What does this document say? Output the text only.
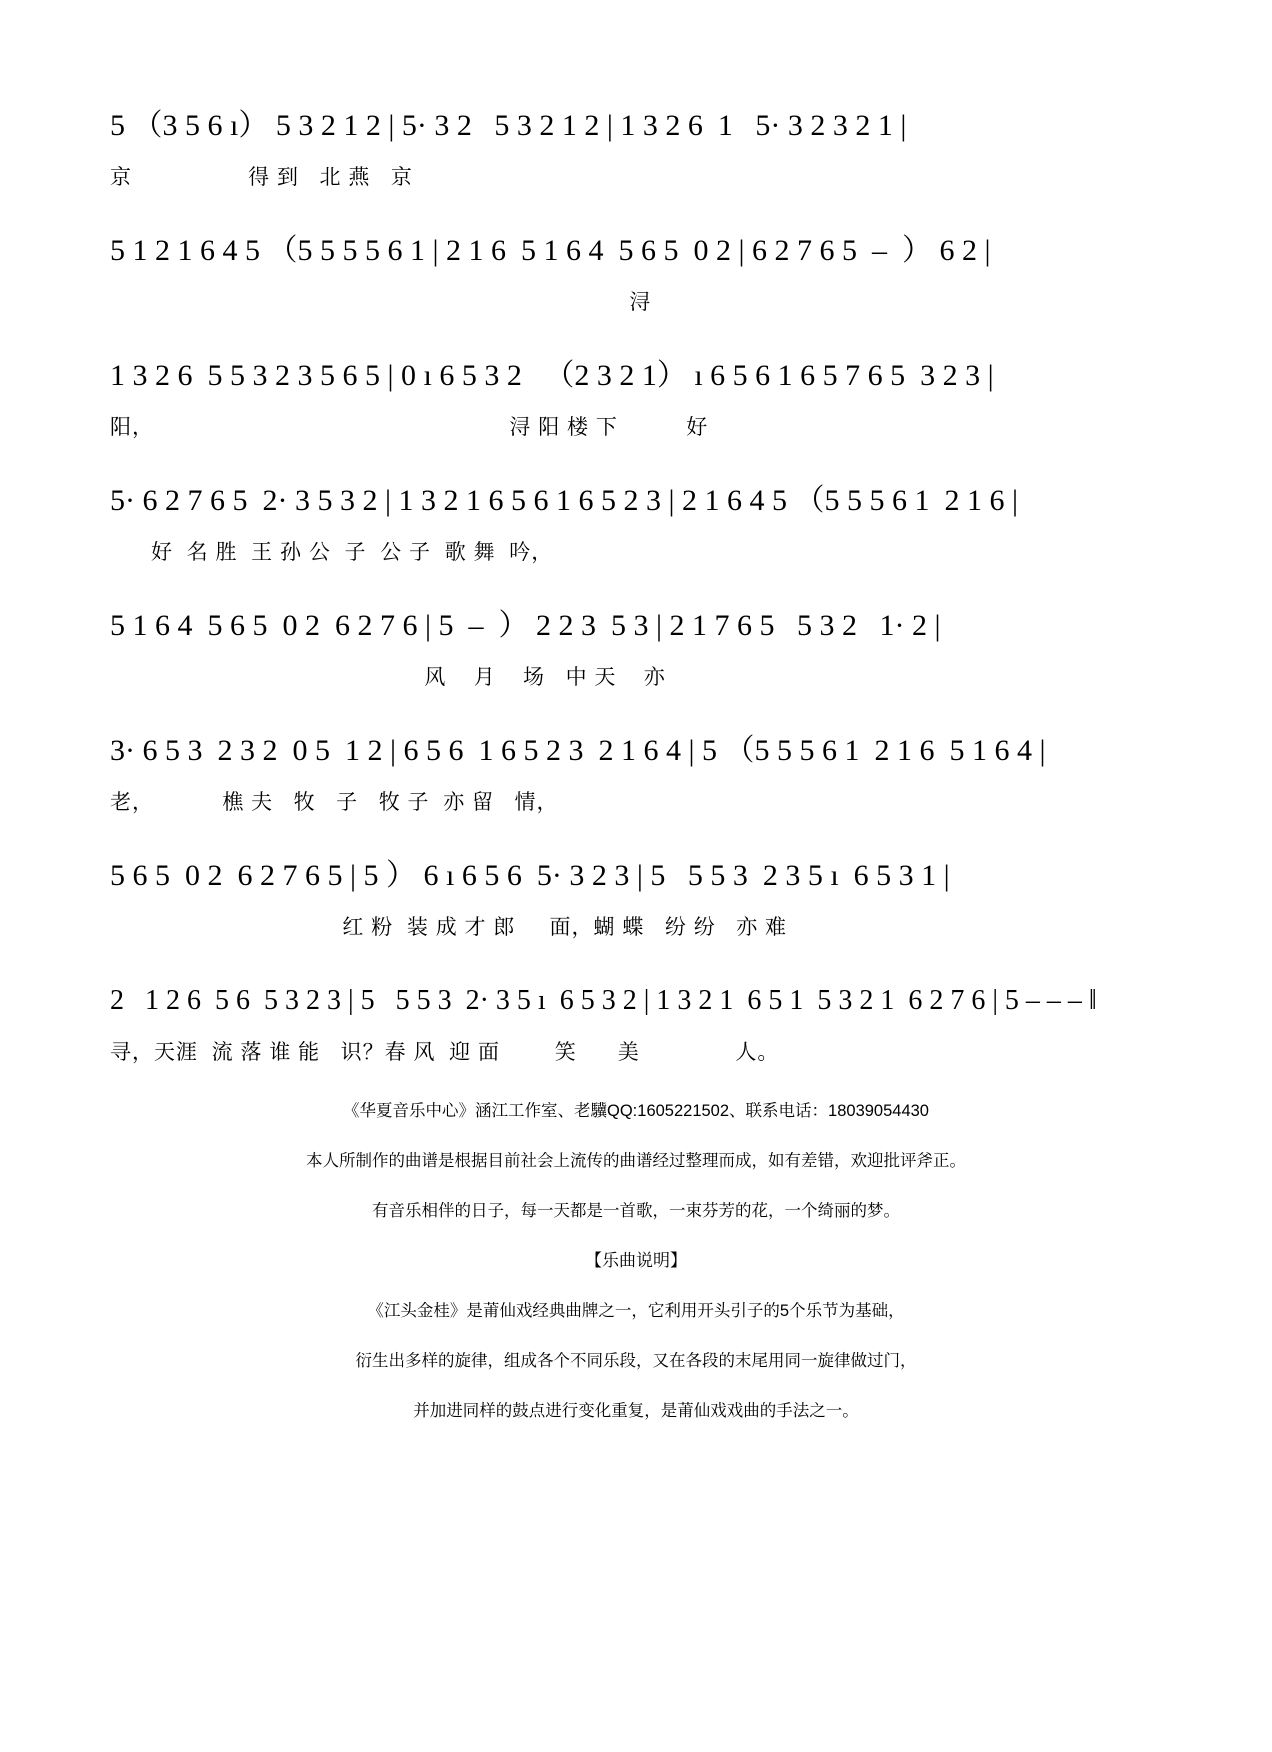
5 （3 5 6 ı） 5 3 2 1 2 | 5· 3 2   5 3 2 1 2 | 1 3 2 6  1   5· 3 2 3 2 1 |
京                 得 到   北 燕   京
5 1 2 1 6 4 5 （5 5 5 5 6 1 | 2 1 6  5 1 6 4  5 6 5  0 2 | 6 2 7 6 5  –  ） 6 2 |
浔
1 3 2 6  5 5 3 2 3 5 6 5 | 0 ı 6 5 3 2   （2 3 2 1） ı 6 5 6 1 6 5 7 6 5  3 2 3 |
阳，                                                    浔 阳 楼 下          好
5· 6 2 7 6 5  2· 3 5 3 2 | 1 3 2 1 6 5 6 1 6 5 2 3 | 2 1 6 4 5 （5 5 5 6 1  2 1 6 |
好  名 胜  王 孙 公  子  公 子  歌 舞  吟，
5 1 6 4  5 6 5  0 2  6 2 7 6 | 5  –  ） 2 2 3  5 3 | 2 1 7 6 5   5 3 2   1· 2 |
风    月    场   中 天    亦
3· 6 5 3  2 3 2  0 5  1 2 | 6 5 6  1 6 5 2 3  2 1 6 4 | 5 （5 5 5 6 1  2 1 6  5 1 6 4 |
老，          樵 夫   牧   子   牧 子  亦 留   情，
5 6 5  0 2  6 2 7 6 5 | 5 ） 6 ı 6 5 6  5· 3 2 3 | 5   5 5 3  2 3 5 ı  6 5 3 1 |
红 粉  装 成 才 郎     面，蝴 蝶   纷 纷   亦 难
2   1 2 6  5 6  5 3 2 3 | 5   5 5 3  2· 3 5 ı  6 5 3 2 | 1 3 2 1  6 5 1  5 3 2 1  6 2 7 6 | 5 – – – ‖
寻，天涯  流 落 谁 能   识？春 风  迎 面        笑      美              人。

《华夏音乐中心》涵江工作室、老驥QQ:1605221502、联系电话：18039054430

本人所制作的曲谱是根据目前社会上流传的曲谱经过整理而成，如有差错，欢迎批评斧正。

有音乐相伴的日子，每一天都是一首歌，一束芬芳的花，一个绮丽的梦。

【乐曲说明】

《江头金桂》是莆仙戏经典曲牌之一，它利用开头引子的5个乐节为基础，

衍生出多样的旋律，组成各个不同乐段，又在各段的末尾用同一旋律做过门，

并加进同样的鼓点进行变化重复，是莆仙戏戏曲的手法之一。
